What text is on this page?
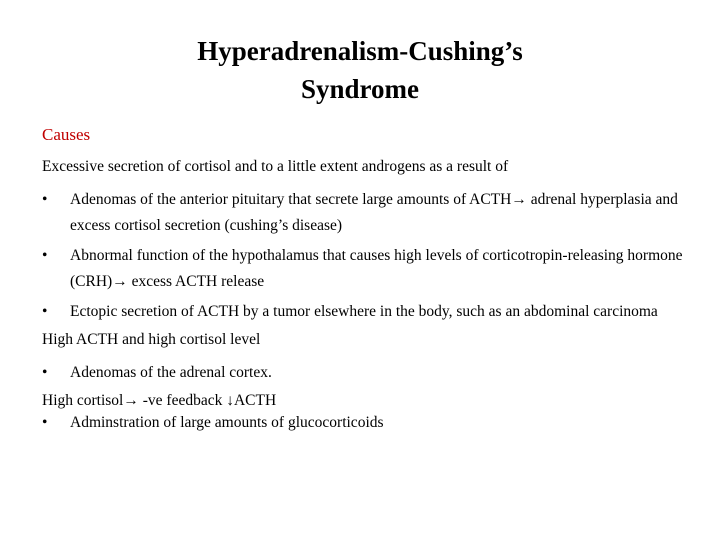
Hyperadrenalism-Cushing’s
Syndrome
Causes
Excessive secretion of cortisol and to a little extent androgens as a result of
• Adenomas of the anterior pituitary that secrete large amounts of ACTH→ adrenal hyperplasia and excess cortisol secretion (cushing’s disease)
• Abnormal function of the hypothalamus that causes high levels of corticotropin-releasing hormone (CRH)→ excess ACTH release
• Ectopic secretion of ACTH by a tumor elsewhere in the body, such as an abdominal carcinoma
High ACTH and high cortisol level
• Adenomas of the adrenal cortex.
High cortisol→ -ve feedback ↓ACTH
• Adminstration of large amounts of glucocorticoids
